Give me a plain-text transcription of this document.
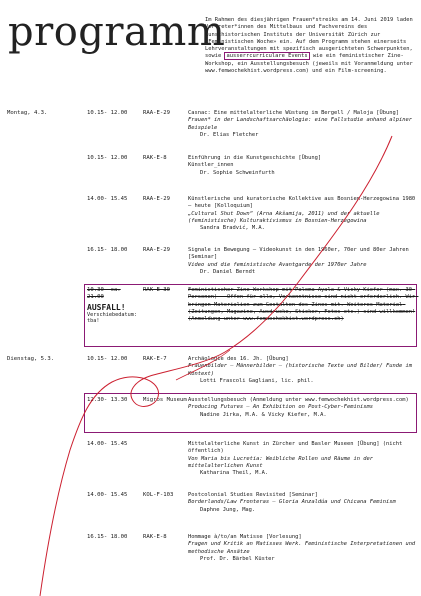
programm
Im Rahmen des diesjährigen Frauen*streiks am 14. Juni 2019 laden Vertreter*innen des Mittelbaus und Fachvereins des Kunsthistorischen Instituts der Universität Zürich zur «Feministischen Woche» ein. Auf dem Programm stehen einerseits Lehrveranstaltungen mit spezifisch ausgerichteten Schwerpunkten, sowie ausserrcurriculare Events wie ein feministischer Zine-Workshop, ein Ausstellungsbesuch (jeweils mit Voranmeldung unter www.femwochekhist.wordpress.com) und ein Film-screening.
Montag, 4.3.	10.15- 12.00	RAA-E-29	Casnac: Eine mittelalterliche Wüstung im Bergell / Maloja [Übung]
Frauen* in der Landschaftsarchäologie: eine Fallstudie anhand alpiner Beispiele
Dr. Elias Fletcher
10.15- 12.00	RAK-E-8	Einführung in die Kunstgeschichte [Übung]
Künstler_innen
Dr. Sophie Schweinfurth
14.00- 15.45	RAA-E-29	Künstlerische und kuratorische Kollektive aus Bosnien-Herzegowina 1980 – heute [Kolloquium]
„Cultural Shut Down“ (Arna Akšamija, 2011) und der aktuelle (feministische) Kulturaktivismus in Bosnien-Herzegowina
Sandra Bradvić, M.A.
16.15- 18.00	RAA-E-29	Signale in Bewegung – Videokunst in den 1960er, 70er und 80er Jahren [Seminar]
Video und die feministische Avantgarde der 1970er Jahre
Dr. Daniel Berndt
10.30- ca. 21.00
AUSFALL!
Verschiebedatum: tba!
RAK-E-30	Feministischer Zine-Workshop mit Paloma Ayala & Vicky Kiefer (max. 30 Personen) – Offen für alle, Vorkenntnisse sind nicht erforderlich. Wir bringen Materialien zum Gestalten des Zines mit. Weiteres Material (Zeitungen, Magazine, Ausdrucke, Sticker, Fotos etc.) sind willkommen!(Anmeldung unter www.femwochekhist.wordpress.ch)
Dienstag, 5.3.	10.15- 12.00	RAK-E-7	Archäologie des 16. Jh. [Übung]
Frauenbilder – Männerbilder – (historische Texte und Bilder/ Funde im Kontext)
Lotti Frascoli Gagliani, lic. phil.
12.30- 13.30	Migros Museum Ausstellungsbesuch (Anmeldung unter www.femwochekhist.wordpress.com)
Producing Futures – An Exhibition on Post-Cyber-Feminisms
Nadine Jirka, M.A. & Vicky Kiefer, M.A.
14.00- 15.45	Mittelalterliche Kunst in Zürcher und Basler Museen [Übung] (nicht öffentlich)
Von Maria bis Lucretia: Weibliche Rollen und Räume in der mittelalterlichen Kunst
Katharina Theil, M.A.
14.00- 15.45	KOL-F-103	Postcolonial Studies Revisited [Seminar]
Borderlands/Law Fronteras – Gloria Anzaldúa und Chicana Feminism
Daphne Jung, Mag.
16.15- 18.00	RAK-E-8	Hommage à/to/an Matisse [Vorlesung]
Fragen und Kritik an Matisses Werk. Feministische Interpretationen und methodische Ansätze
Prof. Dr. Bärbel Küster
